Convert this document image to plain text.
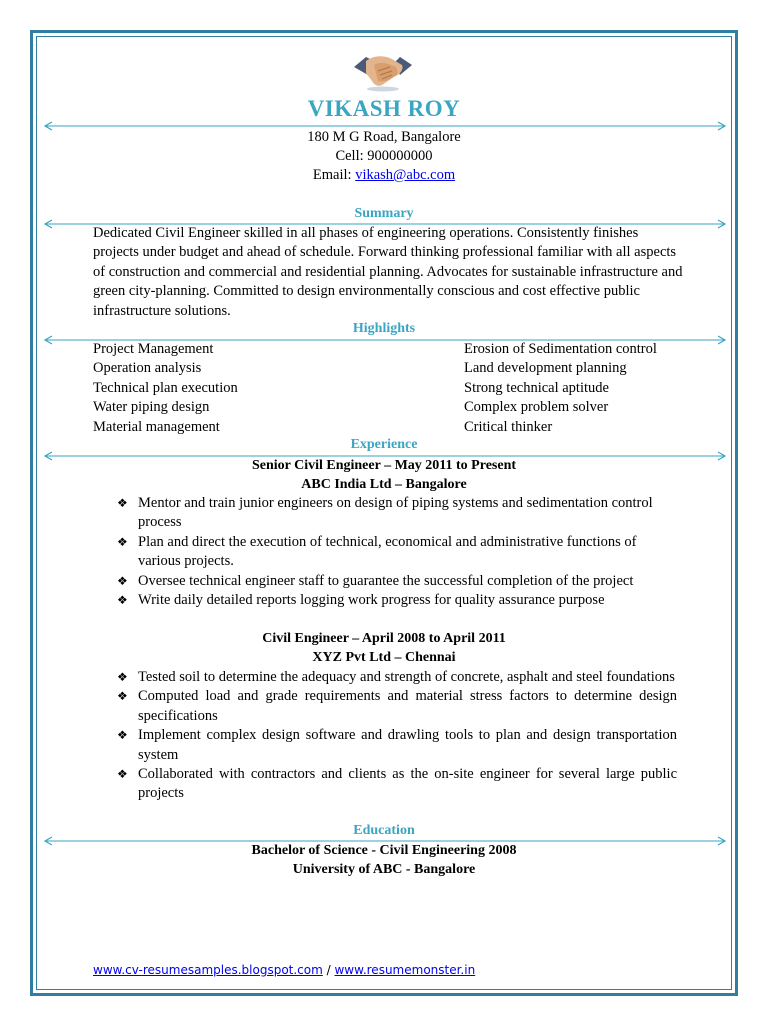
VIKASH ROY
180 M G Road, Bangalore
Cell: 900000000
Email: vikash@abc.com
Summary
Dedicated Civil Engineer skilled in all phases of engineering operations. Consistently finishes projects under budget and ahead of schedule. Forward thinking professional familiar with all aspects of construction and commercial and residential planning. Advocates for sustainable infrastructure and green city-planning. Committed to design environmentally conscious and cost effective public infrastructure solutions.
Highlights
Project Management
Operation analysis
Technical plan execution
Water piping design
Material management
Erosion of Sedimentation control
Land development planning
Strong technical aptitude
Complex problem solver
Critical thinker
Experience
Senior Civil Engineer – May 2011 to Present
ABC India Ltd – Bangalore
❖ Mentor and train junior engineers on design of piping systems and sedimentation control process
❖ Plan and direct the execution of technical, economical and administrative functions of various projects.
❖ Oversee technical engineer staff to guarantee the successful completion of the project
❖ Write daily detailed reports logging work progress for quality assurance purpose
Civil Engineer – April 2008 to April 2011
XYZ Pvt Ltd – Chennai
❖ Tested soil to determine the adequacy and strength of concrete, asphalt and steel foundations
❖ Computed load and grade requirements and material stress factors to determine design specifications
❖ Implement complex design software and drawling tools to plan and design transportation system
❖ Collaborated with contractors and clients as the on-site engineer for several large public projects
Education
Bachelor of Science - Civil Engineering 2008
University of ABC - Bangalore
www.cv-resumesamples.blogspot.com / www.resumemonster.in
